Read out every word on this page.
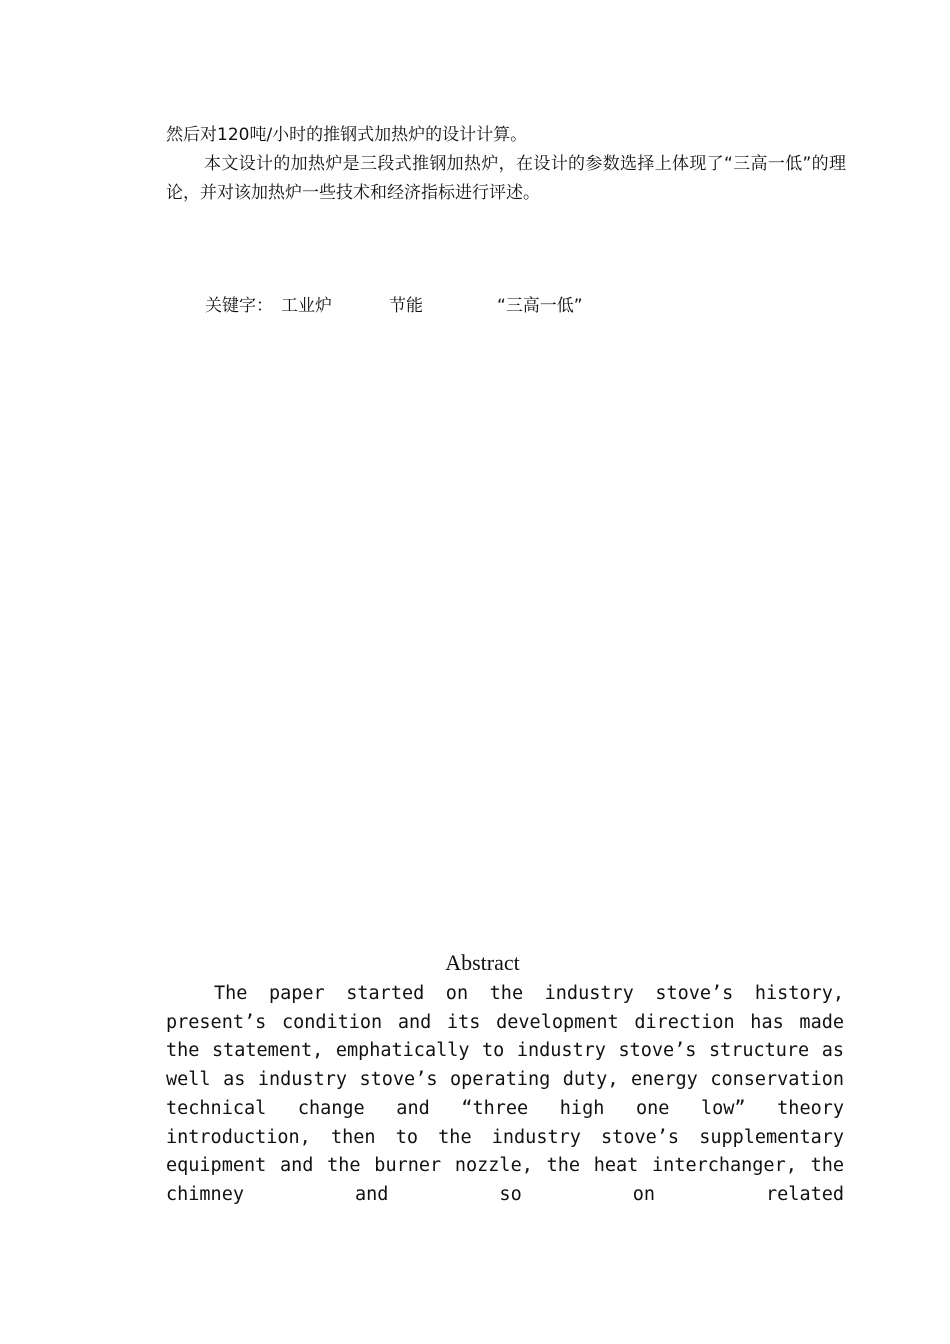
然后对120吨/小时的推钢式加热炉的设计计算。

本文设计的加热炉是三段式推钢加热炉，在设计的参数选择上体现了“三高一低”的理论，并对该加热炉一些技术和经济指标进行评述。

关键字： 工业炉	节能	“三高一低”
Abstract

The paper started on the industry stove’s history, present’s condition and its development direction has made the statement, emphatically to industry stove’s structure as well as industry stove’s operating duty, energy conservation technical change and “three high one low” theory introduction, then to the industry stove’s supplementary equipment and the burner nozzle, the heat interchanger, the chimney and so on related
